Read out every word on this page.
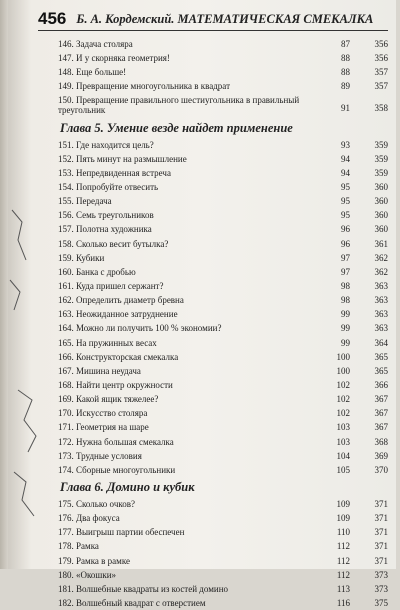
456 Б. А. Кордемский. МАТЕМАТИЧЕСКАЯ СМЕКАЛКА
146. Задача столяра	87	356
147. И у скорняка геометрия!	88	356
148. Еще больше!	88	357
149. Превращение многоугольника в квадрат	89	357
150. Превращение правильного шестиугольника в правильный треугольник	91	358
Глава 5. Умение везде найдет применение
151. Где находится цель?	93	359
152. Пять минут на размышление	94	359
153. Непредвиденная встреча	94	359
154. Попробуйте отвесить	95	360
155. Передача	95	360
156. Семь треугольников	95	360
157. Полотна художника	96	360
158. Сколько весит бутылка?	96	361
159. Кубики	97	362
160. Банка с дробью	97	362
161. Куда пришел сержант?	98	363
162. Определить диаметр бревна	98	363
163. Неожиданное затруднение	99	363
164. Можно ли получить 100 % экономии?	99	363
165. На пружинных весах	99	364
166. Конструкторская смекалка	100	365
167. Мишина неудача	100	365
168. Найти центр окружности	102	366
169. Какой ящик тяжелее?	102	367
170. Искусство столяра	102	367
171. Геометрия на шаре	103	367
172. Нужна большая смекалка	103	368
173. Трудные условия	104	369
174. Сборные многоугольники	105	370
Глава 6. Домино и кубик
175. Сколько очков?	109	371
176. Два фокуса	109	371
177. Выигрыш партии обеспечен	110	371
178. Рамка	112	371
179. Рамка в рамке	112	371
180. «Окошки»	112	373
181. Волшебные квадраты из костей домино	113	373
182. Волшебный квадрат с отверстием	116	375
